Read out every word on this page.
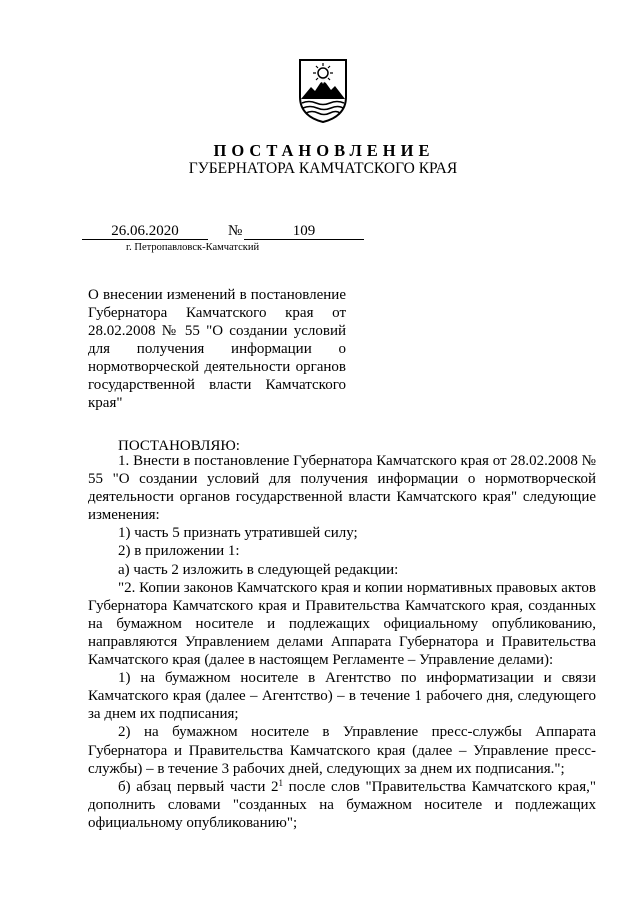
ПОСТАНОВЛЕНИЕ
ГУБЕРНАТОРА КАМЧАТСКОГО КРАЯ
26.06.2020	№	109
г. Петропавловск-Камчатский
О внесении изменений в постановление Губернатора Камчатского края от 28.02.2008 № 55 "О создании условий для получения информации о нормотворческой деятельности органов государственной власти Камчатского края"
ПОСТАНОВЛЯЮ:

1. Внести в постановление Губернатора Камчатского края от 28.02.2008 № 55 "О создании условий для получения информации о нормотворческой деятельности органов государственной власти Камчатского края" следующие изменения:

1) часть 5 признать утратившей силу;

2) в приложении 1:

а) часть 2 изложить в следующей редакции:

"2. Копии законов Камчатского края и копии нормативных правовых актов Губернатора Камчатского края и Правительства Камчатского края, созданных на бумажном носителе и подлежащих официальному опубликованию, направляются Управлением делами Аппарата Губернатора и Правительства Камчатского края (далее в настоящем Регламенте – Управление делами):

1) на бумажном носителе в Агентство по информатизации и связи Камчатского края (далее – Агентство) – в течение 1 рабочего дня, следующего за днем их подписания;

2) на бумажном носителе в Управление пресс-службы Аппарата Губернатора и Правительства Камчатского края (далее – Управление пресс-службы) – в течение 3 рабочих дней, следующих за днем их подписания.";

б) абзац первый части $2^1$ после слов "Правительства Камчатского края," дополнить словами "созданных на бумажном носителе и подлежащих официальному опубликованию";
